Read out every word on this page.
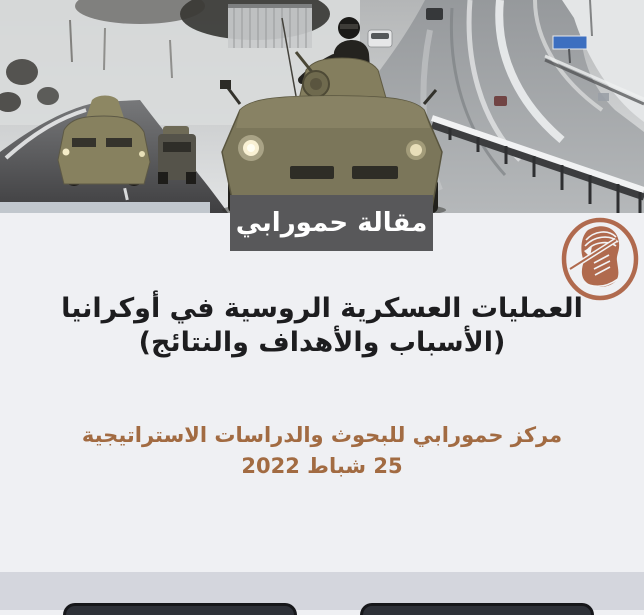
مقالة حمورابي
العمليات العسكرية الروسية في أوكرانيا
(الأسباب والأهداف والنتائج)
مركز حمورابي للبحوث والدراسات الاستراتيجية
25 شباط 2022
